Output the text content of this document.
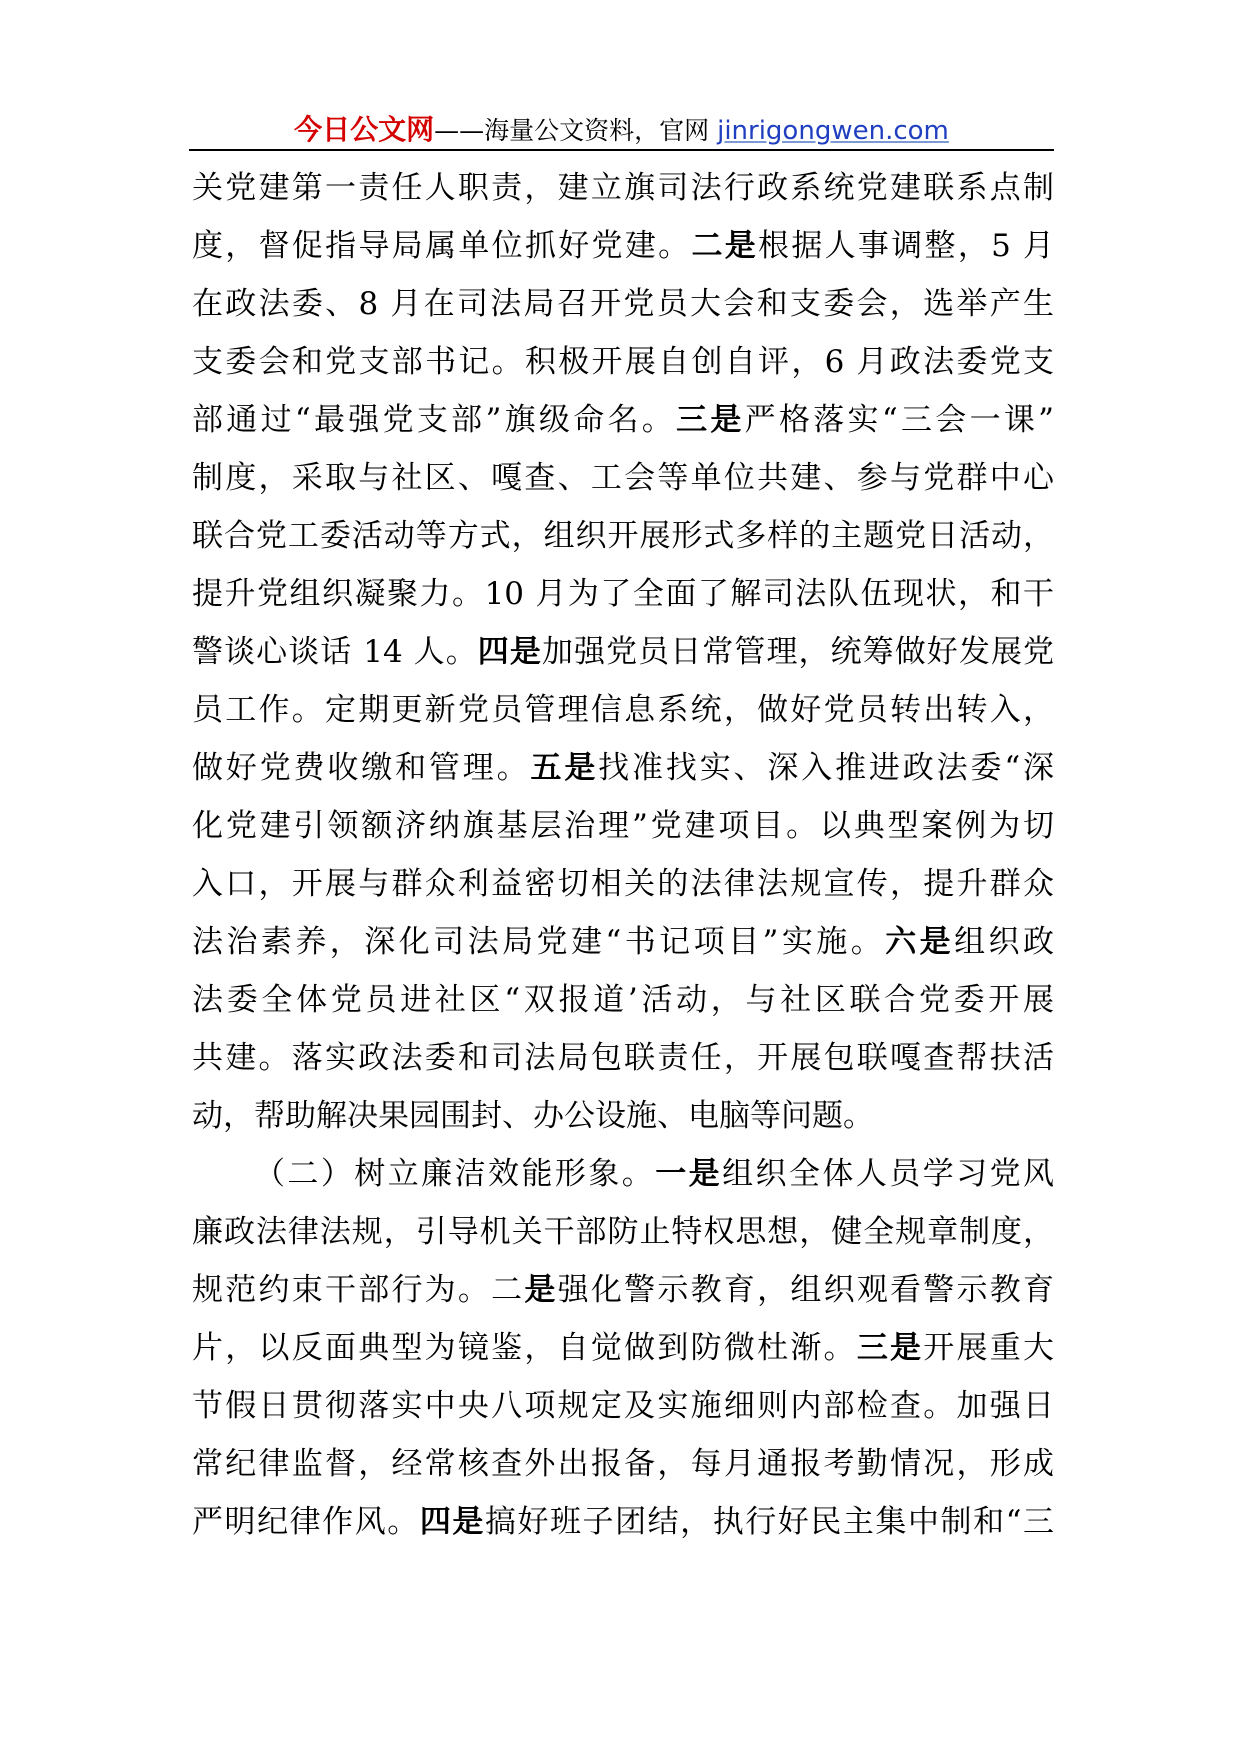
今日公文网——海量公文资料，官网 jinrigongwen.com
关党建第一责任人职责，建立旗司法行政系统党建联系点制
度，督促指导局属单位抓好党建。二是根据人事调整，5 月
在政法委、8 月在司法局召开党员大会和支委会，选举产生
支委会和党支部书记。积极开展自创自评，6 月政法委党支
部通过“最强党支部”旗级命名。三是严格落实“三会一课”
制度，采取与社区、嘎查、工会等单位共建、参与党群中心
联合党工委活动等方式，组织开展形式多样的主题党日活动，
提升党组织凝聚力。10 月为了全面了解司法队伍现状，和干
警谈心谈话 14 人。四是加强党员日常管理，统筹做好发展党
员工作。定期更新党员管理信息系统，做好党员转出转入，
做好党费收缴和管理。五是找准找实、深入推进政法委“深
化党建引领额济纳旗基层治理”党建项目。以典型案例为切
入口，开展与群众利益密切相关的法律法规宣传，提升群众
法治素养，深化司法局党建“书记项目”实施。六是组织政
法委全体党员进社区“双报道’活动，与社区联合党委开展
共建。落实政法委和司法局包联责任，开展包联嘎查帮扶活
动，帮助解决果园围封、办公设施、电脑等问题。
（二）树立廉洁效能形象。一是组织全体人员学习党风
廉政法律法规，引导机关干部防止特权思想，健全规章制度，
规范约束干部行为。二是强化警示教育，组织观看警示教育
片，以反面典型为镜鉴，自觉做到防微杜渐。三是开展重大
节假日贯彻落实中央八项规定及实施细则内部检查。加强日
常纪律监督，经常核查外出报备，每月通报考勤情况，形成
严明纪律作风。四是搞好班子团结，执行好民主集中制和“三
